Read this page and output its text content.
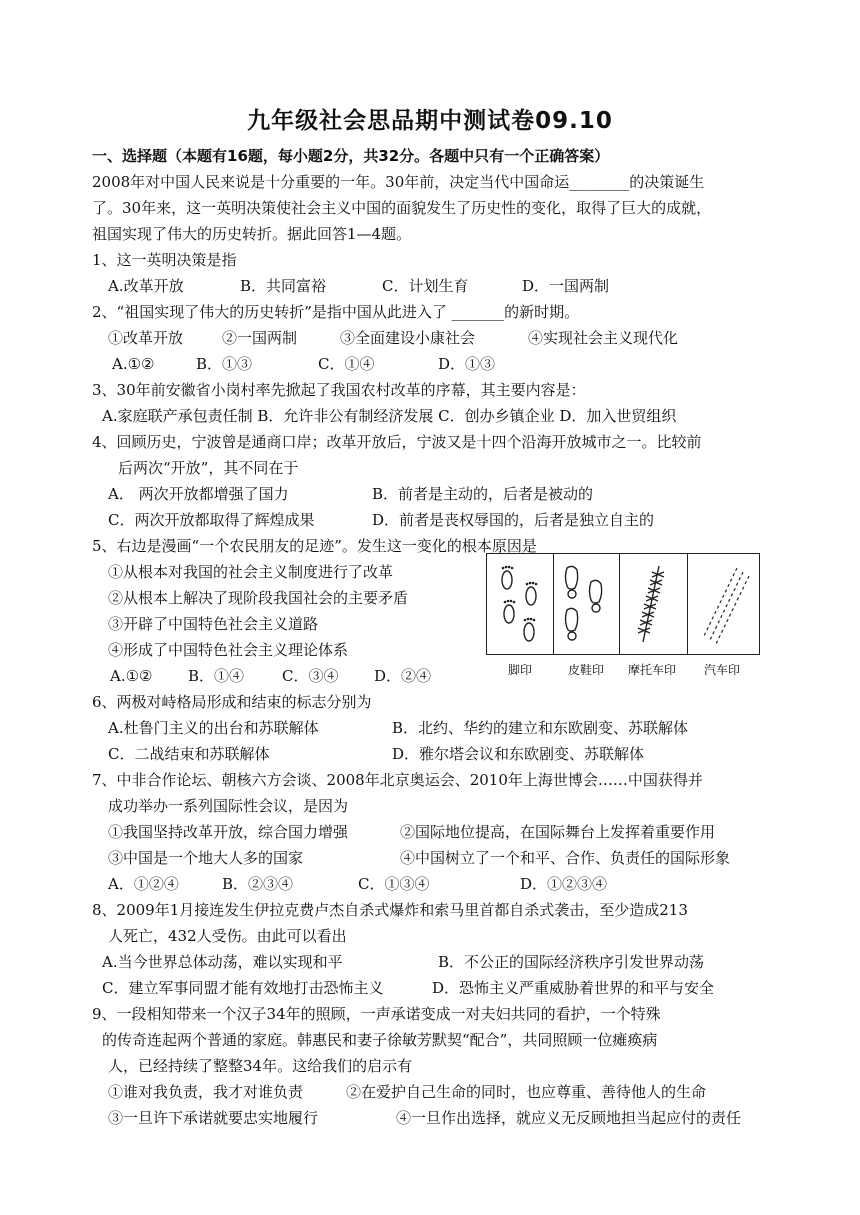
九年级社会思品期中测试卷09.10
一、选择题（本题有16题，每小题2分，共32分。各题中只有一个正确答案）
2008年对中国人民来说是十分重要的一年。30年前，决定当代中国命运________的决策诞生
了。30年来，这一英明决策使社会主义中国的面貌发生了历史性的变化，取得了巨大的成就，
祖国实现了伟大的历史转折。据此回答1—4题。
1、这一英明决策是指
A.改革开放	B．共同富裕	C．计划生育	D．一国两制
2、“祖国实现了伟大的历史转折”是指中国从此进入了 _______的新时期。
①改革开放	②一国两制	③全面建设小康社会	④实现社会主义现代化
A.①②	B．①③	C．①④	D．①③
3、30年前安徽省小岗村率先掀起了我国农村改革的序幕，其主要内容是：
A.家庭联产承包责任制 B．允许非公有制经济发展 C．创办乡镇企业 D．加入世贸组织
4、回顾历史，宁波曾是通商口岸；改革开放后，宁波又是十四个沿海开放城市之一。比较前
后两次“开放”，其不同在于
A． 两次开放都增强了国力	B．前者是主动的，后者是被动的
C．两次开放都取得了辉煌成果	D．前者是丧权辱国的，后者是独立自主的
5、右边是漫画“一个农民朋友的足迹”。发生这一变化的根本原因是
①从根本对我国的社会主义制度进行了改革
②从根本上解决了现阶段我国社会的主要矛盾
③开辟了中国特色社会主义道路
④形成了中国特色社会主义理论体系
A.①② B．①④	C．③④ D．②④	脚印	皮鞋印	摩托车印	汽车印
6、两极对峙格局形成和结束的标志分别为
A.杜鲁门主义的出台和苏联解体	B．北约、华约的建立和东欧剧变、苏联解体
C．二战结束和苏联解体	D．雅尔塔会议和东欧剧变、苏联解体
7、中非合作论坛、朝核六方会谈、2008年北京奥运会、2010年上海世博会……中国获得并
成功举办一系列国际性会议，是因为
①我国坚持改革开放，综合国力增强	②国际地位提高，在国际舞台上发挥着重要作用
③中国是一个地大人多的国家	④中国树立了一个和平、合作、负责任的国际形象
A．①②④	B．②③④	C．①③④	D．①②③④
8、2009年1月接连发生伊拉克费卢杰自杀式爆炸和索马里首都自杀式袭击，至少造成213
人死亡，432人受伤。由此可以看出
A.当今世界总体动荡，难以实现和平	B．不公正的国际经济秩序引发世界动荡
C．建立军事同盟才能有效地打击恐怖主义	D．恐怖主义严重威胁着世界的和平与安全
9、一段相知带来一个汉子34年的照顾，一声承诺变成一对夫妇共同的看护，一个特殊
的传奇连起两个普通的家庭。韩惠民和妻子徐敏芳默契“配合”，共同照顾一位瘫痪病
人，已经持续了整整34年。这给我们的启示有
①谁对我负责，我才对谁负责	②在爱护自己生命的同时，也应尊重、善待他人的生命
③一旦许下承诺就要忠实地履行	④一旦作出选择，就应义无反顾地担当起应付的责任
